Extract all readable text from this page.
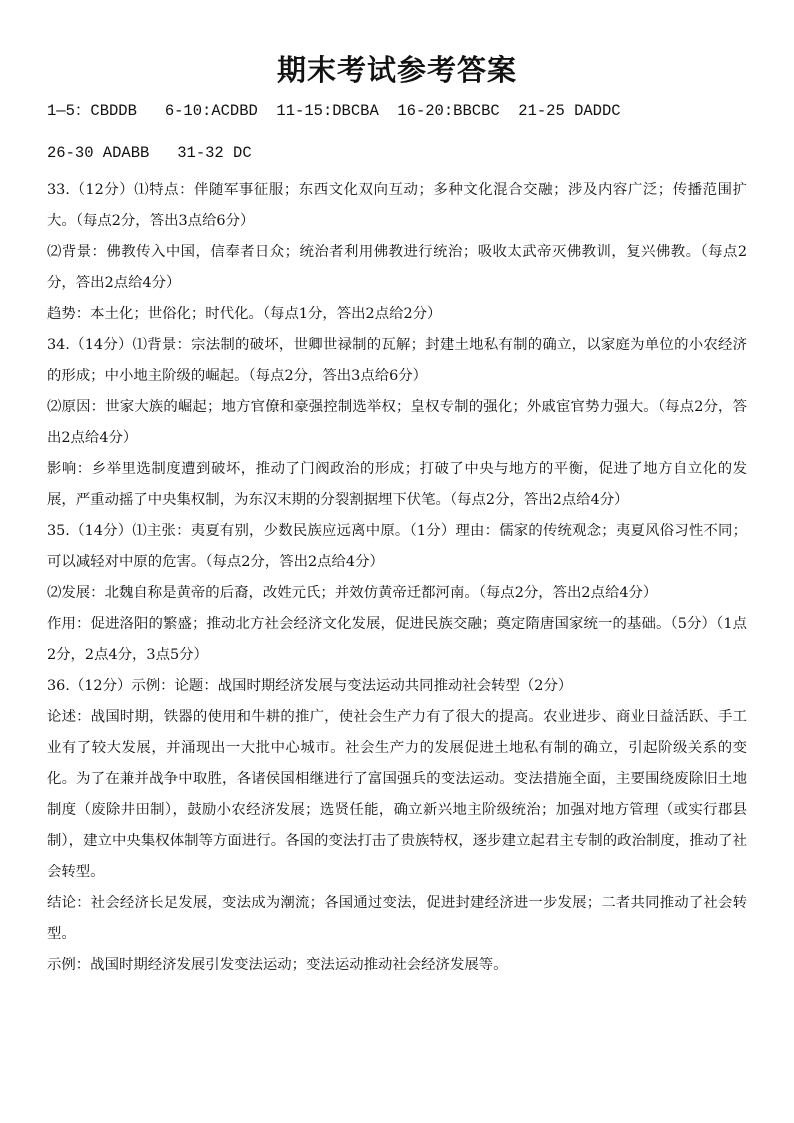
期末考试参考答案
1—5：CBDDB   6-10:ACDBD  11-15:DBCBA  16-20:BBCBC  21-25 DADDC
26-30 ADABB   31-32 DC

33.（12分）⑴特点：伴随军事征服；东西文化双向互动；多种文化混合交融；涉及内容广泛；传播范围扩大。（每点2分，答出3点给6分）

⑵背景：佛教传入中国，信奉者日众；统治者利用佛教进行统治；吸收太武帝灭佛教训，复兴佛教。（每点2分，答出2点给4分）

趋势：本土化；世俗化；时代化。（每点1分，答出2点给2分）

34.（14分）⑴背景：宗法制的破坏，世卿世禄制的瓦解；封建土地私有制的确立，以家庭为单位的小农经济的形成；中小地主阶级的崛起。（每点2分，答出3点给6分）

⑵原因：世家大族的崛起；地方官僚和豪强控制选举权；皇权专制的强化；外戚宦官势力强大。（每点2分，答出2点给4分）

影响：乡举里选制度遭到破坏，推动了门阀政治的形成；打破了中央与地方的平衡，促进了地方自立化的发展，严重动摇了中央集权制，为东汉末期的分裂割据埋下伏笔。（每点2分，答出2点给4分）

35.（14分）⑴主张：夷夏有别，少数民族应远离中原。（1分）理由：儒家的传统观念；夷夏风俗习性不同；可以减轻对中原的危害。（每点2分，答出2点给4分）

⑵发展：北魏自称是黄帝的后裔，改姓元氏；并效仿黄帝迁都河南。（每点2分，答出2点给4分）

作用：促进洛阳的繁盛；推动北方社会经济文化发展，促进民族交融；奠定隋唐国家统一的基础。（5分）（1点2分，2点4分，3点5分）

36.（12分）示例：论题：战国时期经济发展与变法运动共同推动社会转型（2分）

论述：战国时期，铁器的使用和牛耕的推广，使社会生产力有了很大的提高。农业进步、商业日益活跃、手工业有了较大发展，并涌现出一大批中心城市。社会生产力的发展促进土地私有制的确立，引起阶级关系的变化。为了在兼并战争中取胜，各诸侯国相继进行了富国强兵的变法运动。变法措施全面，主要围绕废除旧土地制度（废除井田制），鼓励小农经济发展；选贤任能，确立新兴地主阶级统治；加强对地方管理（或实行郡县制），建立中央集权体制等方面进行。各国的变法打击了贵族特权，逐步建立起君主专制的政治制度，推动了社会转型。

结论：社会经济长足发展，变法成为潮流；各国通过变法，促进封建经济进一步发展；二者共同推动了社会转型。

示例：战国时期经济发展引发变法运动；变法运动推动社会经济发展等。
